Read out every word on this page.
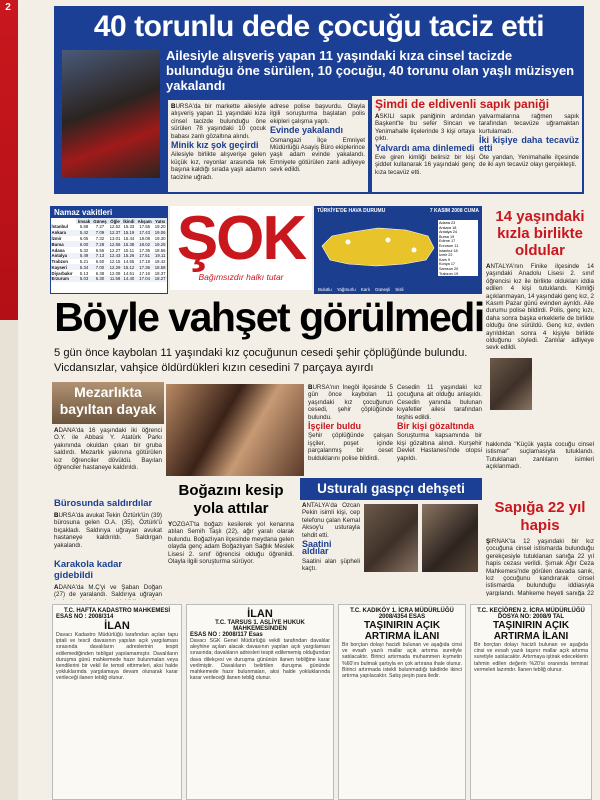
2
40 torunlu dede çocuğu taciz etti
Ailesiyle alışveriş yapan 11 yaşındaki kıza cinsel tacizde bulunduğu öne sürülen, 10 çocuğu, 40 torunu olan yaşlı müzisyen yakalandı
BURSA'da bir markette ailesiyle alışveriş yapan 11 yaşındaki kıza cinsel tacizde bulunduğu öne sürülen 78 yaşındaki 10 çocuk babası zanlı gözaltına alındı.
Minik kız şok geçirdi
Ailesiyle birlikte alışverişe gelen küçük kız, reyonlar arasında tek başına kaldığı sırada yaşlı adamın tacizine uğradı.
adrese polise başvurdu. Olayla ilgili soruşturma başlatan polis ekipleri çalışma yaptı.
Evinde yakalandı
Osmangazi İlçe Emniyet Müdürlüğü Asayiş Büro ekiplerince yaşlı adam evinde yakalandı. Emniyete götürülen zanlı adliyeye sevk edildi.
Şimdi de eldivenli sapık paniği
ASKILI sapık paniğinin ardından Başkent'te bu sefer Sincan ve Yenimahalle ilçelerinde 3 kişi ortaya çıktı.
Yalvardı ama dinlemedi
Eve giren kimliği belirsiz bir kişi şiddet kullanarak 16 yaşındaki genç kıza tecavüz etti.
yalvarmalarına rağmen sapık tarafından tecavüze uğramaktan kurtulamadı.
İki kişiye daha tecavüz etti
Öte yandan, Yenimahalle ilçesinde de iki ayrı tecavüz olayı gerçekleşti.
Namaz vakitleri
	İmsak	Güneş	Öğle	İkindi	Akşam	Yatsı
İstanbul	5.58	7.27	12.52	15.33	17.56	19.20
Ankara	5.42	7.09	12.37	15.19	17.43	19.06
İzmir	6.05	7.32	13.01	15.44	18.08	19.30
Bursa	6.00	7.28	12.56	15.38	18.02	19.25
Adana	5.32	6.56	12.27	15.11	17.36	18.56
Antalya	5.49	7.13	12.43	15.26	17.51	19.11
Trabzon	5.21	6.50	12.15	14.55	17.18	18.42
Kayseri	5.34	7.00	12.29	15.12	17.36	18.58
Diyarbakır	5.13	6.38	12.08	14.51	17.16	18.37
Erzurum	5.03	6.30	11.58	14.40	17.04	18.27
ŞOK
Bağımsızdır halkı tutar
TÜRKİYE'DE HAVA DURUMU	7 KASIM 2008 CUMA
Adana 23
Ankara 18
Antalya 24
Bursa 19
Edirne 17
Erzurum 11
İstanbul 18
İzmir 22
Kars 9
Konya 17
Samsun 20
Trabzon 19
Bulutlu Yağmurlu Karlı Güneşli Sisli
14 yaşındaki kızla birlikte oldular
ANTALYA'nın Finike ilçesinde 14 yaşındaki Anadolu Lisesi 2. sınıf öğrencisi kız ile birlikte oldukları iddia edilen 4 kişi tutuklandı. Kimliği açıklanmayan, 14 yaşındaki genç kız, 2 Kasım Pazar günü evinden ayrıldı. Aile durumu polise bildirdi. Polis, genç kızı, daha sonra başka erkeklerle de birlikte olduğu öne sürüldü. Genç kız, evden ayrıldıktan sonra 4 kişiyle birlikte olduğunu söyledi. Zanlılar adliyeye sevk edildi.
hakkında "Küçük yaşta cocuğu cinsel istismar" suçlamasıyla tutuklandı. Tutuklanan zanlıların isimleri açıklanmadı.
Sapığa 22 yıl hapis
ŞIRNAK'ta 12 yaşındaki bir kız çocuğuna cinsel istismarda bulunduğu gerekçesiyle tutuklanan sanığa 22 yıl hapis cezası verildi. Şırnak Ağır Ceza Mahkemesi'nde görülen davada sanık, kız çocuğunu kandırarak cinsel istismarda bulunduğu iddiasıyla yargılandı. Mahkeme heyeti sanığa 22
Böyle vahşet görülmedi
5 gün önce kaybolan 11 yaşındaki kız çocuğunun cesedi şehir çöplüğünde bulundu. Vicdansızlar, vahşice öldürdükleri kızın cesedini 7 parçaya ayırdı
Mezarlıkta bayıltan dayak
ADANA'da 16 yaşındaki iki öğrenci O.Y. ile Abbasi Y. Atatürk Parkı yakınında okuldan çıkan bir gruba saldırdı. Mezarlık yakınına götürülen kız öğrenciler dövüldü. Bayılan öğrenciler hastaneye kaldırıldı.
Bürosunda saldırdılar
BURSA'da avukat Tekin Öztürk'ün (39) bürosuna gelen O.A. (35), Öztürk'ü bıçakladı. Saldırıya uğrayan avukat hastaneye kaldırıldı. Saldırgan yakalandı.
Karakola kadar gidebildi
ADANA'da M.Ç'yi ve Şaban Doğan (27) de yaralandı. Saldırıya uğrayan
BURSA'nın İnegöl ilçesinde 5 gün önce kaybolan 11 yaşındaki kız çocuğunun cesedi, şehir çöplüğünde bulundu.
İşçiler buldu
Şehir çöplüğünde çalışan işçiler, poşet içinde parçalanmış bir ceset bulduklarını polise bildirdi.
Cesedin 11 yaşındaki kız çocuğuna ait olduğu anlaşıldı. Cesedin yanında bulunan kıyafetler ailesi tarafından teşhis edildi.
Bir kişi gözaltında
Soruşturma kapsamında bir kişi gözaltına alındı. Kurşehir Devlet Hastanesi'nde otopsi yapıldı.
Boğazını kesip yola attılar
YOZGAT'ta boğazı kesilerek yol kenarına atılan Semih Taşlı (22), ağır yaralı olarak bulundu. Boğazlıyan ilçesinde meydana gelen olayda genç adam Boğazlıyan Sağlık Meslek Lisesi 2. sınıf öğrencisi olduğu öğrenildi. Olayla ilgili soruşturma sürüyor.
Usturalı gaspçı dehşeti
ANTALYA'da Ozcan Pekin isimli kişi, cep telefonu çalan Kemal Aksoy'u usturayla tehdit etti.
Saatini aldılar
Saatini alan şüpheli kaçtı.
T.C. HAFTA KADASTRO MAHKEMESİ
ESAS NO : 2008/314
İLAN
Davacı Kadastro Müdürlüğü tarafından açılan tapu iptali ve tescil davasının yapılan açık yargılaması sırasında davalıların adreslerinin tespit edilemediğinden tebligat yapılamamıştır. Davalıların duruşma günü mahkemede hazır bulunmaları veya kendilerini bir vekil ile temsil ettirmeleri, aksi halde yokluklarında yargılamaya devam olunarak karar verileceği ilanen tebliğ olunur.
İLAN
T.C. TARSUS 1. ASLİYE HUKUK MAHKEMESİNDEN
ESAS NO : 2008/117 Esas
Davacı SGK Genel Müdürlüğü vekili tarafından davalılar aleyhine açılan alacak davasının yapılan açık yargılaması sırasında; davalıların adresleri tespit edilememiş olduğundan dava dilekçesi ve duruşma gününün ilanen tebliğine karar verilmiştir. Davalıların belirtilen duruşma gününde mahkemede hazır bulunmaları, aksi halde yokluklarında karar verileceği ilanen tebliğ olunur.
T.C. KADIKÖY 1. İCRA MÜDÜRLÜĞÜ
2008/4354 ESAS
TAŞINIRIN AÇIK ARTIRMA İLANI
Bir borçtan dolayı hacizli bulunan ve aşağıda cinsi ve evsafı yazılı mallar açık artırma suretiyle satılacaktır. Birinci artırmada muhammen kıymetin %60'ını bulmak şartıyla en çok artırana ihale olunur. Birinci artırmada istekli bulunmadığı takdirde ikinci artırma yapılacaktır. Satış peşin para iledir.
T.C. KEÇİÖREN 2. İCRA MÜDÜRLÜĞÜ
DOSYA NO: 2008/9 TAL
TAŞINIRIN AÇIK ARTIRMA İLANI
Bir borçtan dolayı hacizli bulunan ve aşağıda cinsi ve evsafı yazılı taşınır mallar açık artırma suretiyle satılacaktır. Artırmaya iştirak edeceklerin tahmin edilen değerin %20'si oranında teminat vermeleri lazımdır. İlanen tebliğ olunur.
